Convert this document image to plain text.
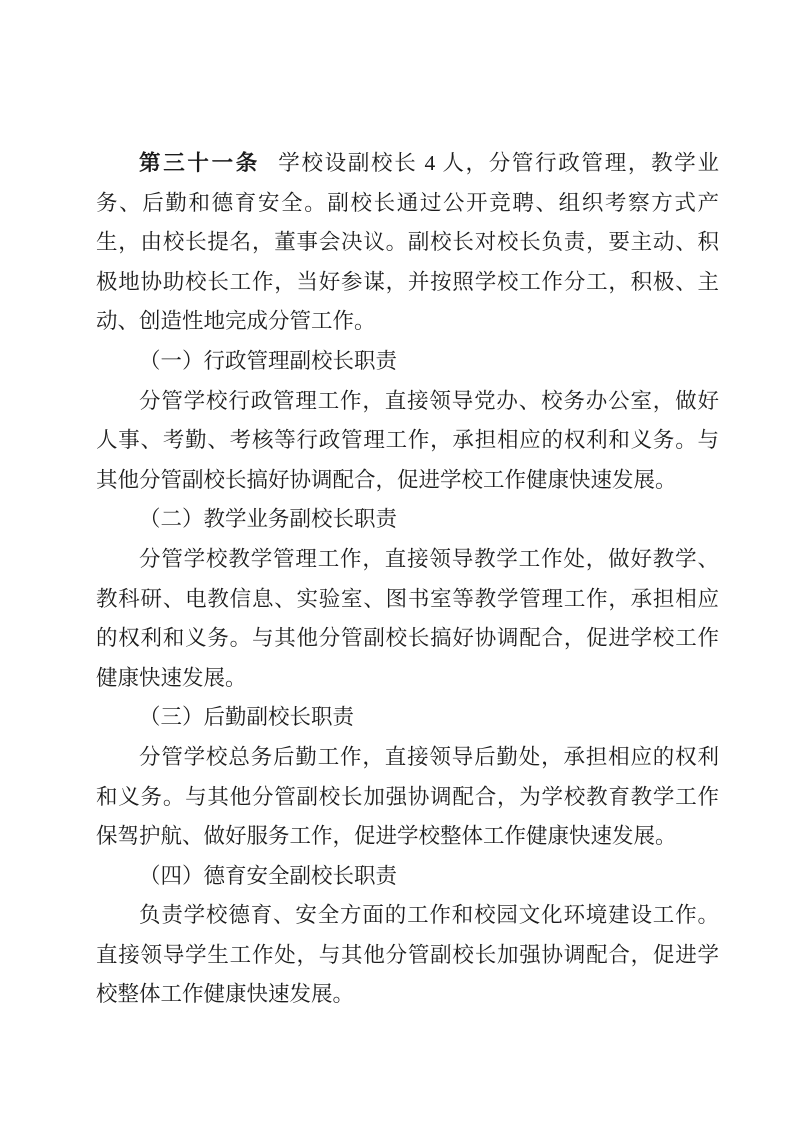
第三十一条 学校设副校长 4 人，分管行政管理，教学业务、后勤和德育安全。副校长通过公开竞聘、组织考察方式产生，由校长提名，董事会决议。副校长对校长负责，要主动、积极地协助校长工作，当好参谋，并按照学校工作分工，积极、主动、创造性地完成分管工作。

（一）行政管理副校长职责

分管学校行政管理工作，直接领导党办、校务办公室，做好人事、考勤、考核等行政管理工作，承担相应的权利和义务。与其他分管副校长搞好协调配合，促进学校工作健康快速发展。

（二）教学业务副校长职责

分管学校教学管理工作，直接领导教学工作处，做好教学、教科研、电教信息、实验室、图书室等教学管理工作，承担相应的权利和义务。与其他分管副校长搞好协调配合，促进学校工作健康快速发展。

（三）后勤副校长职责

分管学校总务后勤工作，直接领导后勤处，承担相应的权利和义务。与其他分管副校长加强协调配合，为学校教育教学工作保驾护航、做好服务工作，促进学校整体工作健康快速发展。

（四）德育安全副校长职责

负责学校德育、安全方面的工作和校园文化环境建设工作。直接领导学生工作处，与其他分管副校长加强协调配合，促进学校整体工作健康快速发展。
